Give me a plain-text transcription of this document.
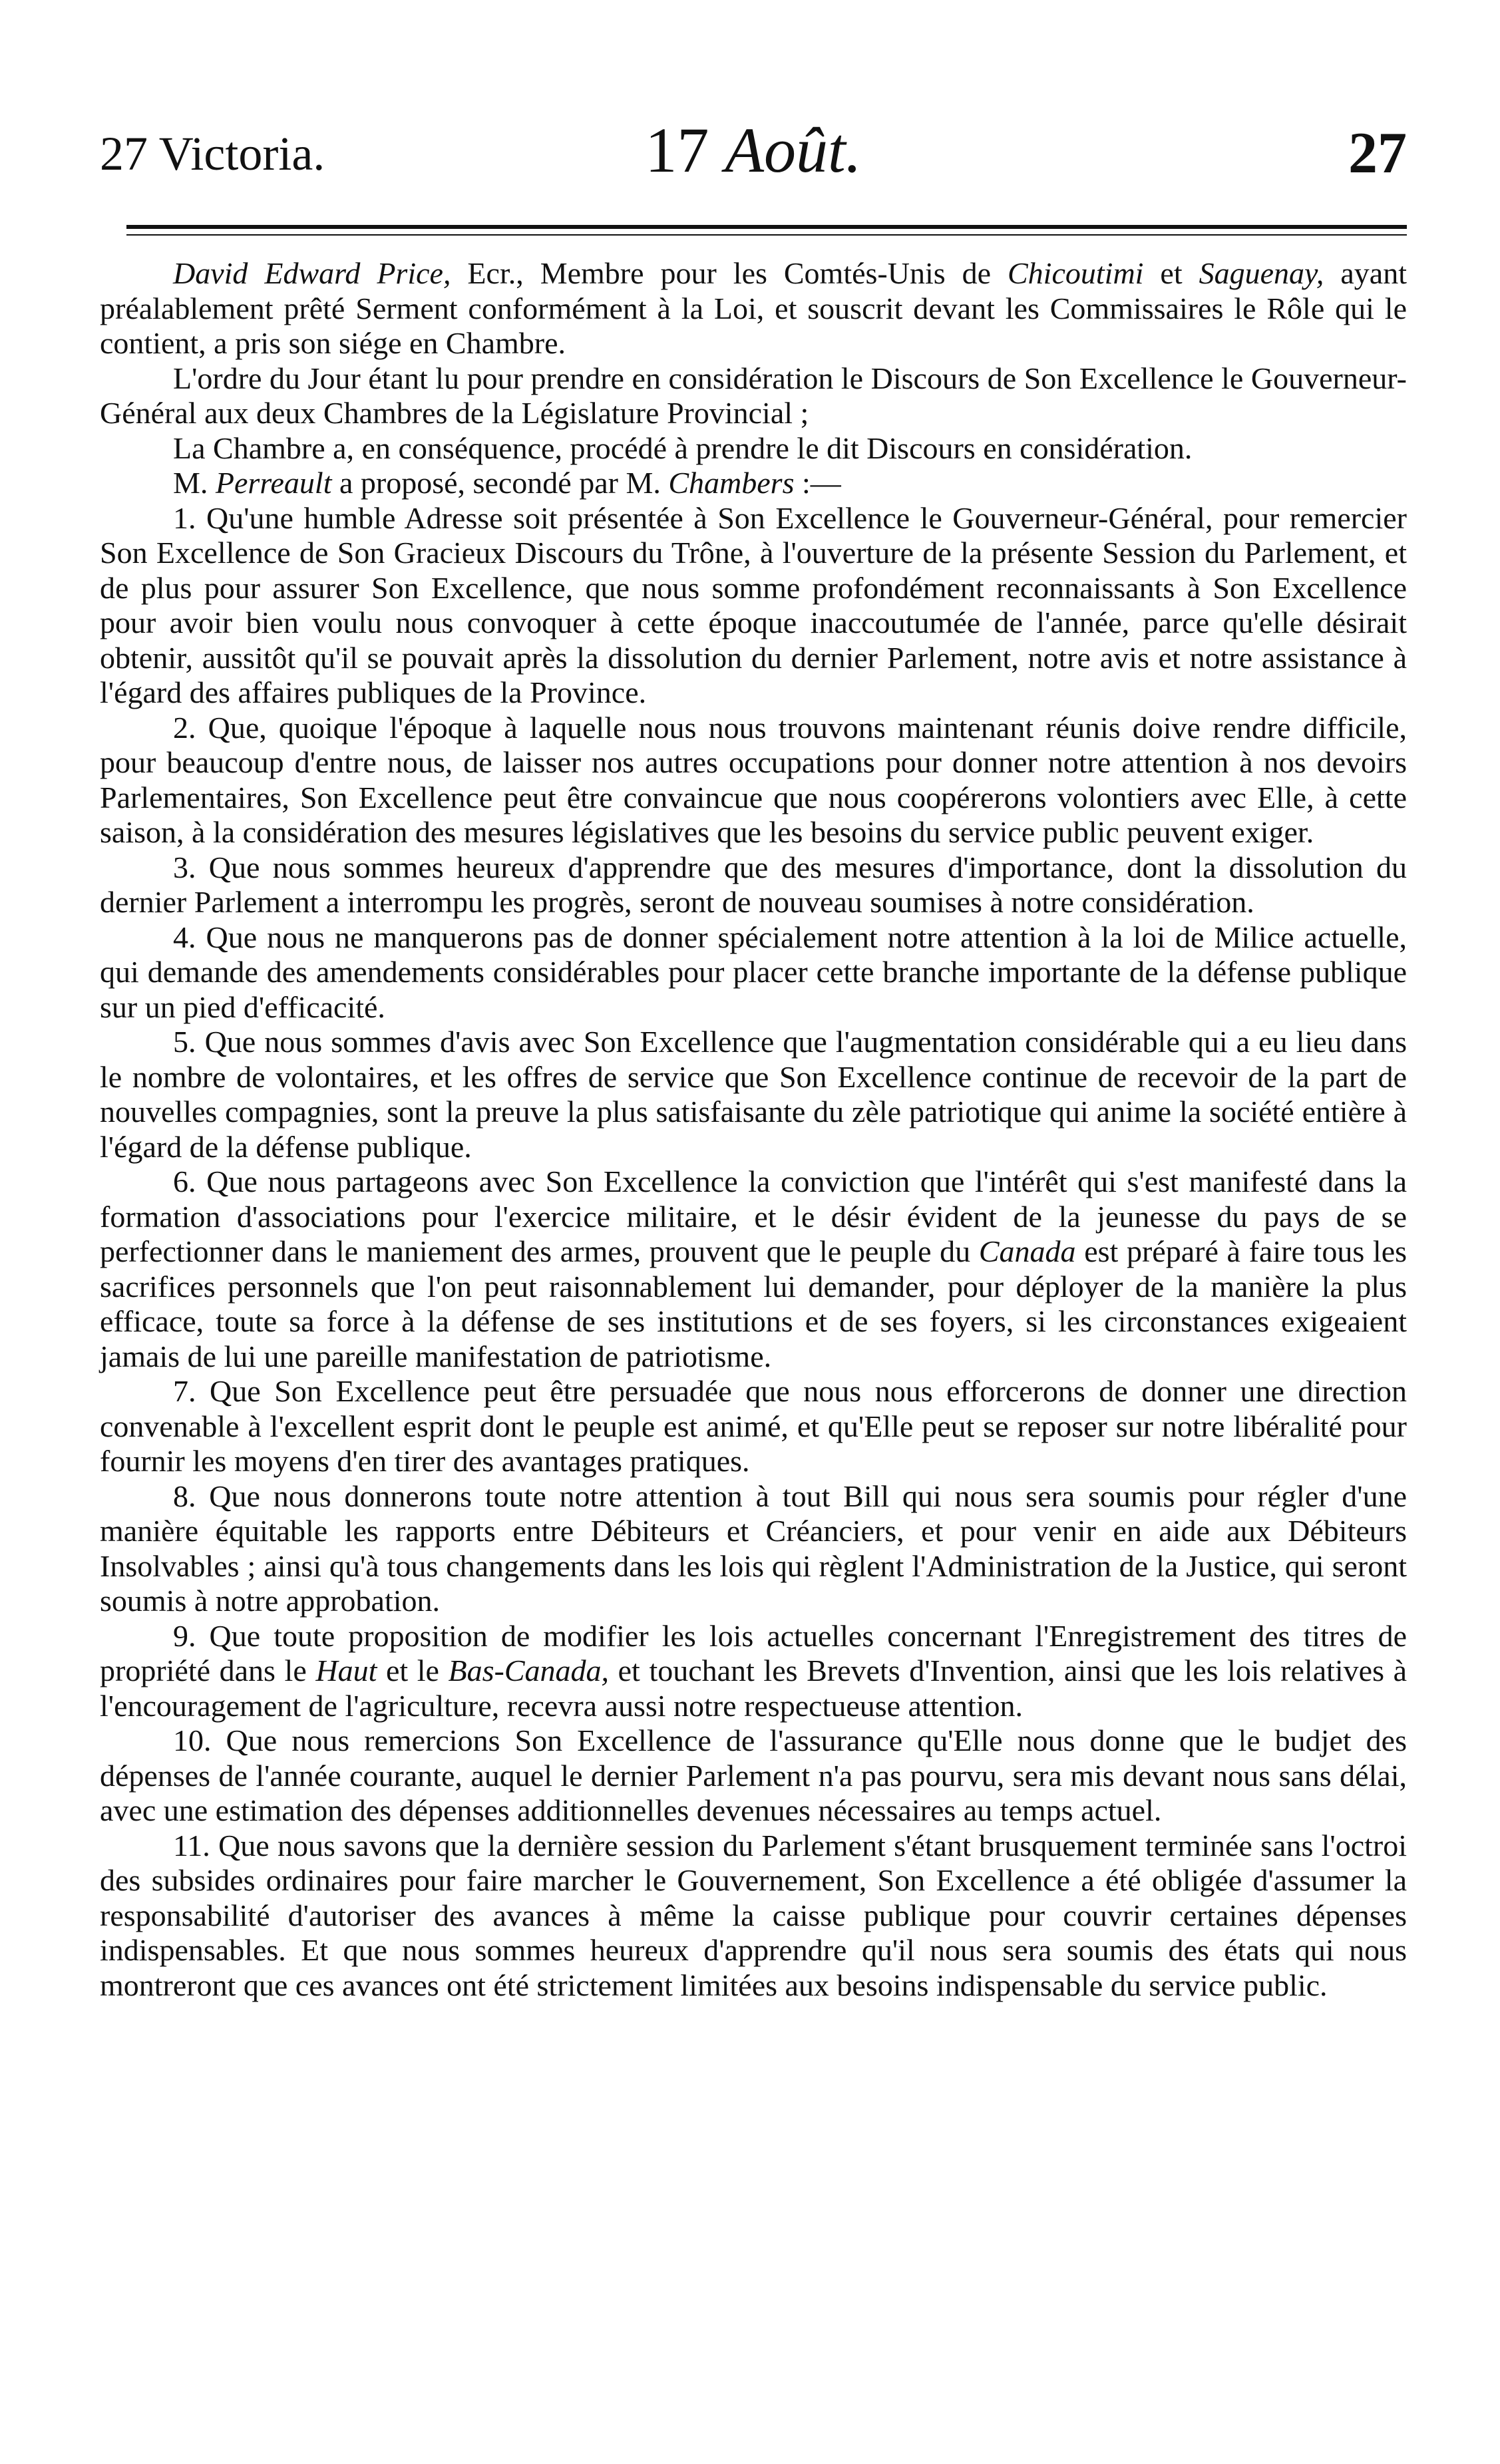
27 Victoria.	17 Août.	27

David Edward Price, Ecr., Membre pour les Comtés-Unis de Chicoutimi et Saguenay, ayant préalablement prêté Serment conformément à la Loi, et souscrit devant les Commissaires le Rôle qui le contient, a pris son siége en Chambre.

L'ordre du Jour étant lu pour prendre en considération le Discours de Son Excellence le Gouverneur-Général aux deux Chambres de la Législature Provincial ;

La Chambre a, en conséquence, procédé à prendre le dit Discours en considération.

M. Perreault a proposé, secondé par M. Chambers :—

1. Qu'une humble Adresse soit présentée à Son Excellence le Gouverneur-Général, pour remercier Son Excellence de Son Gracieux Discours du Trône, à l'ouverture de la présente Session du Parlement, et de plus pour assurer Son Excellence, que nous somme profondément reconnaissants à Son Excellence pour avoir bien voulu nous convoquer à cette époque inaccoutumée de l'année, parce qu'elle désirait obtenir, aussitôt qu'il se pouvait après la dissolution du dernier Parlement, notre avis et notre assistance à l'égard des affaires publiques de la Province.

2. Que, quoique l'époque à laquelle nous nous trouvons maintenant réunis doive rendre difficile, pour beaucoup d'entre nous, de laisser nos autres occupations pour donner notre attention à nos devoirs Parlementaires, Son Excellence peut être convaincue que nous coopérerons volontiers avec Elle, à cette saison, à la considération des mesures législatives que les besoins du service public peuvent exiger.

3. Que nous sommes heureux d'apprendre que des mesures d'importance, dont la dissolution du dernier Parlement a interrompu les progrès, seront de nouveau soumises à notre considération.

4. Que nous ne manquerons pas de donner spécialement notre attention à la loi de Milice actuelle, qui demande des amendements considérables pour placer cette branche importante de la défense publique sur un pied d'efficacité.

5. Que nous sommes d'avis avec Son Excellence que l'augmentation considérable qui a eu lieu dans le nombre de volontaires, et les offres de service que Son Excellence continue de recevoir de la part de nouvelles compagnies, sont la preuve la plus satisfaisante du zèle patriotique qui anime la société entière à l'égard de la défense publique.

6. Que nous partageons avec Son Excellence la conviction que l'intérêt qui s'est manifesté dans la formation d'associations pour l'exercice militaire, et le désir évident de la jeunesse du pays de se perfectionner dans le maniement des armes, prouvent que le peuple du Canada est préparé à faire tous les sacrifices personnels que l'on peut raisonnablement lui demander, pour déployer de la manière la plus efficace, toute sa force à la défense de ses institutions et de ses foyers, si les circonstances exigeaient jamais de lui une pareille manifestation de patriotisme.

7. Que Son Excellence peut être persuadée que nous nous efforcerons de donner une direction convenable à l'excellent esprit dont le peuple est animé, et qu'Elle peut se reposer sur notre libéralité pour fournir les moyens d'en tirer des avantages pratiques.

8. Que nous donnerons toute notre attention à tout Bill qui nous sera soumis pour régler d'une manière équitable les rapports entre Débiteurs et Créanciers, et pour venir en aide aux Débiteurs Insolvables ; ainsi qu'à tous changements dans les lois qui règlent l'Administration de la Justice, qui seront soumis à notre approbation.

9. Que toute proposition de modifier les lois actuelles concernant l'Enregistrement des titres de propriété dans le Haut et le Bas-Canada, et touchant les Brevets d'Invention, ainsi que les lois relatives à l'encouragement de l'agriculture, recevra aussi notre respectueuse attention.

10. Que nous remercions Son Excellence de l'assurance qu'Elle nous donne que le budjet des dépenses de l'année courante, auquel le dernier Parlement n'a pas pourvu, sera mis devant nous sans délai, avec une estimation des dépenses additionnelles devenues nécessaires au temps actuel.

11. Que nous savons que la dernière session du Parlement s'étant brusquement terminée sans l'octroi des subsides ordinaires pour faire marcher le Gouvernement, Son Excellence a été obligée d'assumer la responsabilité d'autoriser des avances à même la caisse publique pour couvrir certaines dépenses indispensables. Et que nous sommes heureux d'apprendre qu'il nous sera soumis des états qui nous montreront que ces avances ont été strictement limitées aux besoins indispensable du service public.
